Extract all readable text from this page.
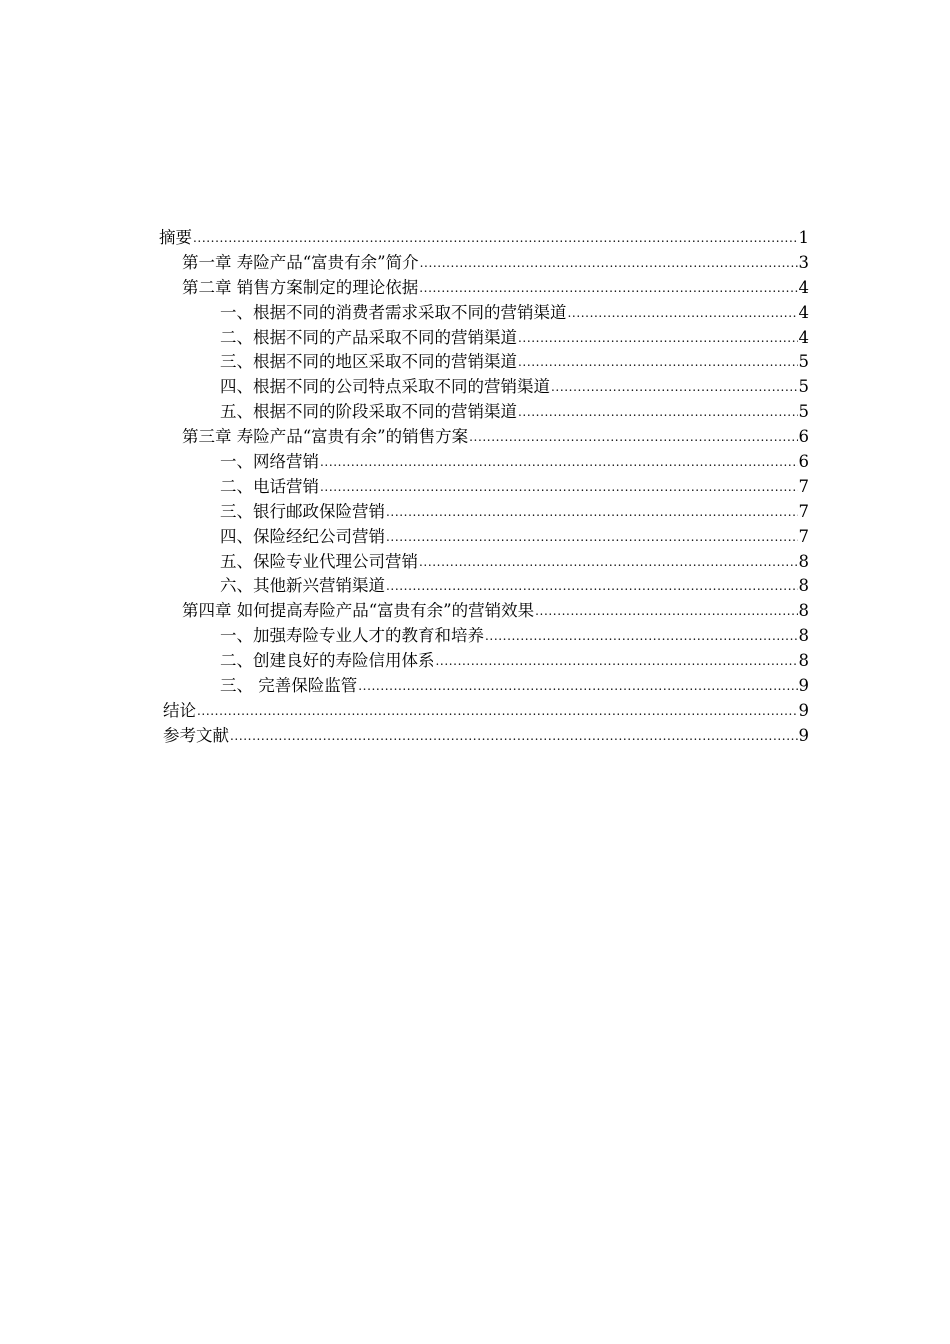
摘要 .....	1
第一章 寿险产品“富贵有余”简介 .....	3
第二章 销售方案制定的理论依据 .....	4
一、根据不同的消费者需求采取不同的营销渠道 .....	4
二、根据不同的产品采取不同的营销渠道 .....	4
三、根据不同的地区采取不同的营销渠道 .....	5
四、根据不同的公司特点采取不同的营销渠道 .....	5
五、根据不同的阶段采取不同的营销渠道 .....	5
第三章 寿险产品“富贵有余”的销售方案 .....	6
一、网络营销 .....	6
二、电话营销 .....	7
三、银行邮政保险营销 .....	7
四、保险经纪公司营销 .....	7
五、保险专业代理公司营销 .....	8
六、其他新兴营销渠道 .....	8
第四章 如何提高寿险产品“富贵有余”的营销效果 .....	8
一、加强寿险专业人才的教育和培养 .....	8
二、创建良好的寿险信用体系 .....	8
三、 完善保险监管 .....	9
结论 .....	9
参考文献 .....	9
